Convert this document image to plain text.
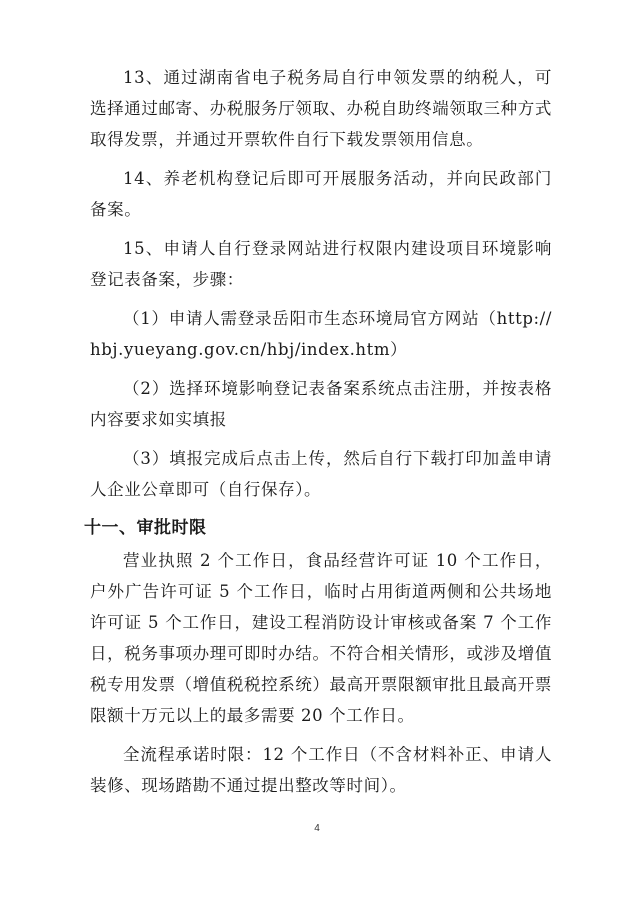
13、通过湖南省电子税务局自行申领发票的纳税人，可选择通过邮寄、办税服务厅领取、办税自助终端领取三种方式取得发票，并通过开票软件自行下载发票领用信息。

14、养老机构登记后即可开展服务活动，并向民政部门备案。

15、申请人自行登录网站进行权限内建设项目环境影响登记表备案，步骤：

（1）申请人需登录岳阳市生态环境局官方网站（http://hbj.yueyang.gov.cn/hbj/index.htm）

（2）选择环境影响登记表备案系统点击注册，并按表格内容要求如实填报

（3）填报完成后点击上传，然后自行下载打印加盖申请人企业公章即可（自行保存）。

十一、审批时限

营业执照 2 个工作日，食品经营许可证 10 个工作日，户外广告许可证 5 个工作日，临时占用街道两侧和公共场地许可证 5 个工作日，建设工程消防设计审核或备案 7 个工作日，税务事项办理可即时办结。不符合相关情形，或涉及增值税专用发票（增值税税控系统）最高开票限额审批且最高开票限额十万元以上的最多需要 20 个工作日。

全流程承诺时限：12 个工作日（不含材料补正、申请人装修、现场踏勘不通过提出整改等时间）。

4
